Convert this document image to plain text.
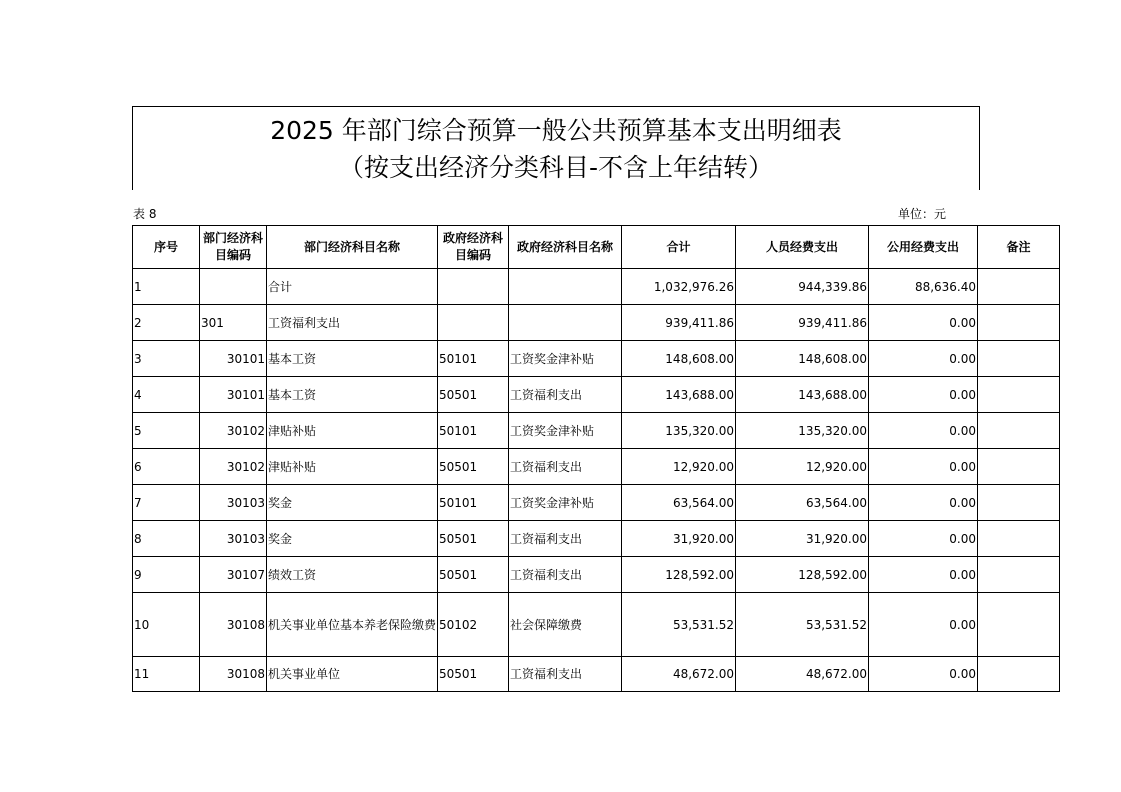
2025 年部门综合预算一般公共预算基本支出明细表
（按支出经济分类科目-不含上年结转）
表 8	单位：元
序号	部门经济科目编码	部门经济科目名称	政府经济科目编码	政府经济科目名称	合计	人员经费支出	公用经费支出	备注
1		合计			1,032,976.26	944,339.86	88,636.40	
2	301	工资福利支出			939,411.86	939,411.86	0.00	
3	30101	基本工资	50101	工资奖金津补贴	148,608.00	148,608.00	0.00	
4	30101	基本工资	50501	工资福利支出	143,688.00	143,688.00	0.00	
5	30102	津贴补贴	50101	工资奖金津补贴	135,320.00	135,320.00	0.00	
6	30102	津贴补贴	50501	工资福利支出	12,920.00	12,920.00	0.00	
7	30103	奖金	50101	工资奖金津补贴	63,564.00	63,564.00	0.00	
8	30103	奖金	50501	工资福利支出	31,920.00	31,920.00	0.00	
9	30107	绩效工资	50501	工资福利支出	128,592.00	128,592.00	0.00	
10	30108	机关事业单位基本养老保险缴费	50102	社会保障缴费	53,531.52	53,531.52	0.00	
11	30108	机关事业单位	50501	工资福利支出	48,672.00	48,672.00	0.00	
